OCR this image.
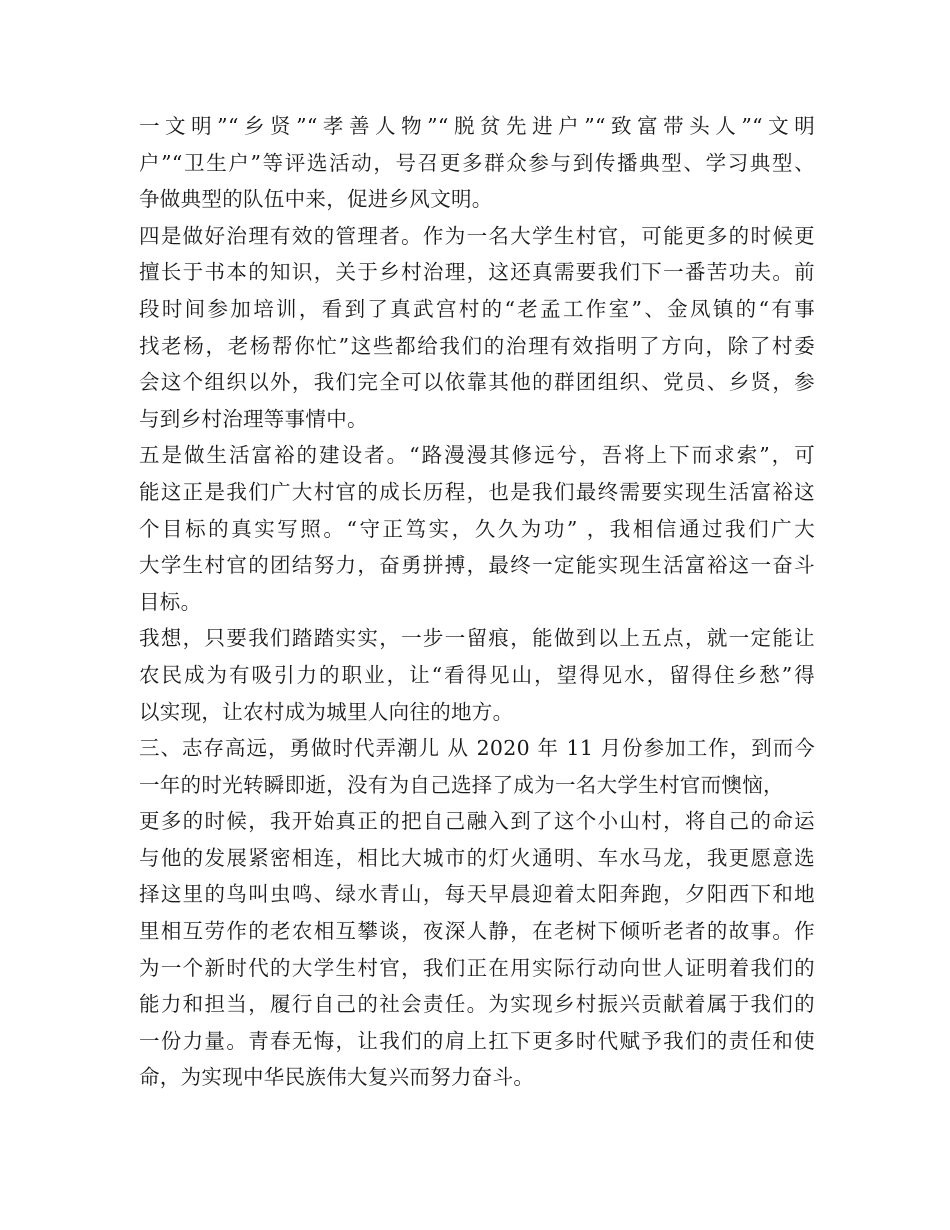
一文明”“乡贤”“孝善人物”“脱贫先进户”“致富带头人”“文明
户”“卫生户”等评选活动，号召更多群众参与到传播典型、学习典型、
争做典型的队伍中来，促进乡风文明。
四是做好治理有效的管理者。作为一名大学生村官，可能更多的时候更
擅长于书本的知识，关于乡村治理，这还真需要我们下一番苦功夫。前
段时间参加培训，看到了真武宫村的“老孟工作室”、金凤镇的“有事
找老杨，老杨帮你忙”这些都给我们的治理有效指明了方向，除了村委
会这个组织以外，我们完全可以依靠其他的群团组织、党员、乡贤，参
与到乡村治理等事情中。
五是做生活富裕的建设者。“路漫漫其修远兮，吾将上下而求索”，可
能这正是我们广大村官的成长历程，也是我们最终需要实现生活富裕这
个目标的真实写照。“守正笃实，久久为功” ，我相信通过我们广大
大学生村官的团结努力，奋勇拼搏，最终一定能实现生活富裕这一奋斗
目标。
我想，只要我们踏踏实实，一步一留痕，能做到以上五点，就一定能让
农民成为有吸引力的职业，让“看得见山，望得见水，留得住乡愁”得
以实现，让农村成为城里人向往的地方。
三、志存高远，勇做时代弄潮儿 从 2020 年 11 月份参加工作，到而今
一年的时光转瞬即逝，没有为自己选择了成为一名大学生村官而懊恼，
更多的时候，我开始真正的把自己融入到了这个小山村，将自己的命运
与他的发展紧密相连，相比大城市的灯火通明、车水马龙，我更愿意选
择这里的鸟叫虫鸣、绿水青山，每天早晨迎着太阳奔跑，夕阳西下和地
里相互劳作的老农相互攀谈，夜深人静，在老树下倾听老者的故事。作
为一个新时代的大学生村官，我们正在用实际行动向世人证明着我们的
能力和担当，履行自己的社会责任。为实现乡村振兴贡献着属于我们的
一份力量。青春无悔，让我们的肩上扛下更多时代赋予我们的责任和使
命，为实现中华民族伟大复兴而努力奋斗。
